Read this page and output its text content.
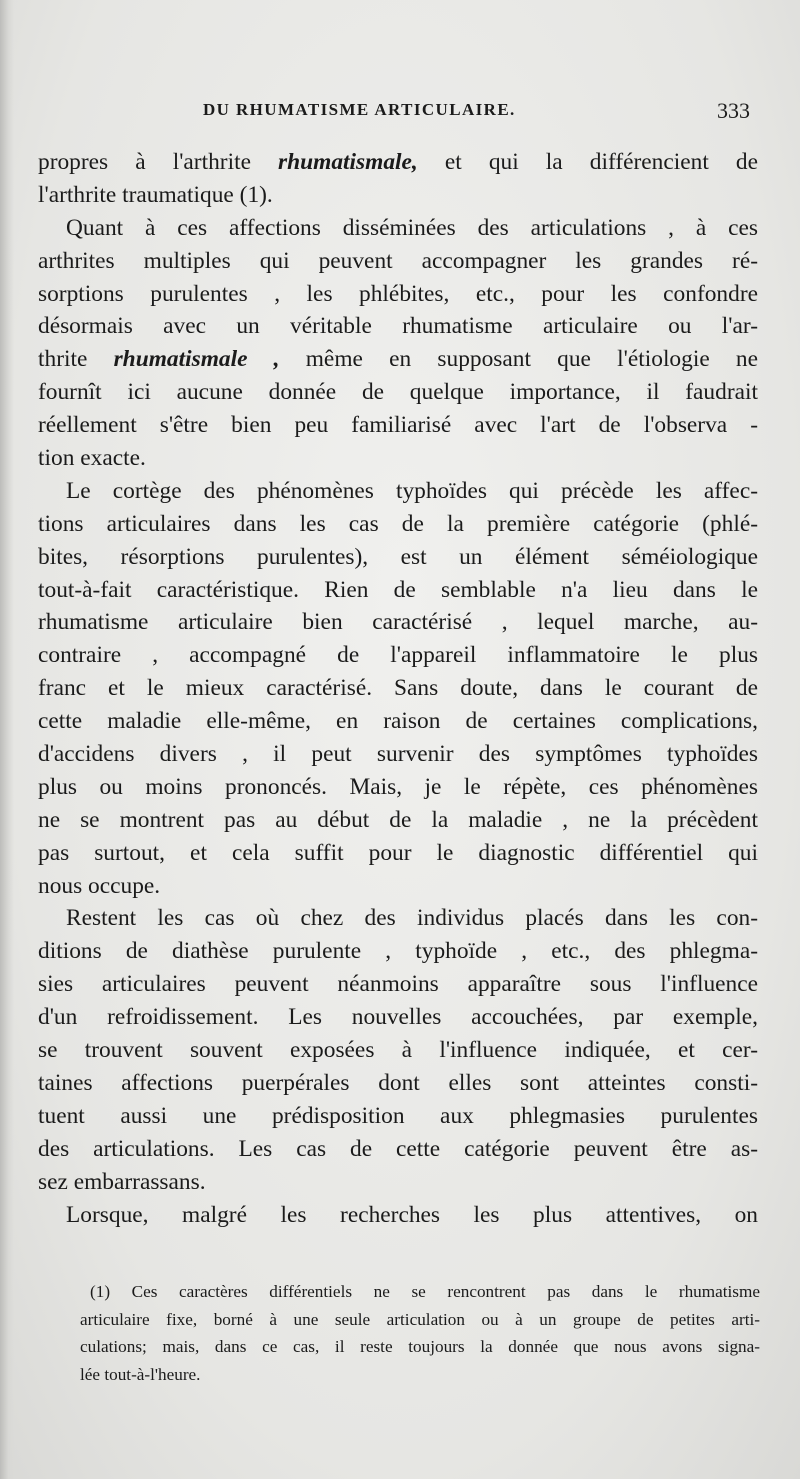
DU RHUMATISME ARTICULAIRE.	333
propres à l'arthrite rhumatismale, et qui la différencient de
l'arthrite traumatique (1).
Quant à ces affections disséminées des articulations , à ces
arthrites multiples qui peuvent accompagner les grandes ré-
sorptions purulentes , les phlébites, etc., pour les confondre
désormais avec un véritable rhumatisme articulaire ou l'ar-
thrite rhumatismale , même en supposant que l'étiologie ne
fournît ici aucune donnée de quelque importance, il faudrait
réellement s'être bien peu familiarisé avec l'art de l'observa -
tion exacte.
Le cortège des phénomènes typhoïdes qui précède les affec-
tions articulaires dans les cas de la première catégorie (phlé-
bites, résorptions purulentes), est un élément séméiologique
tout-à-fait caractéristique. Rien de semblable n'a lieu dans le
rhumatisme articulaire bien caractérisé , lequel marche, au-
contraire , accompagné de l'appareil inflammatoire le plus
franc et le mieux caractérisé. Sans doute, dans le courant de
cette maladie elle-même, en raison de certaines complications,
d'accidens divers , il peut survenir des symptômes typhoïdes
plus ou moins prononcés. Mais, je le répète, ces phénomènes
ne se montrent pas au début de la maladie , ne la précèdent
pas surtout, et cela suffit pour le diagnostic différentiel qui
nous occupe.
Restent les cas où chez des individus placés dans les con-
ditions de diathèse purulente , typhoïde , etc., des phlegma-
sies articulaires peuvent néanmoins apparaître sous l'influence
d'un refroidissement. Les nouvelles accouchées, par exemple,
se trouvent souvent exposées à l'influence indiquée, et cer-
taines affections puerpérales dont elles sont atteintes consti-
tuent aussi une prédisposition aux phlegmasies purulentes
des articulations. Les cas de cette catégorie peuvent être as-
sez embarrassans.
Lorsque, malgré les recherches les plus attentives, on
(1) Ces caractères différentiels ne se rencontrent pas dans le rhumatisme
articulaire fixe, borné à une seule articulation ou à un groupe de petites arti-
culations; mais, dans ce cas, il reste toujours la donnée que nous avons signa-
lée tout-à-l'heure.
